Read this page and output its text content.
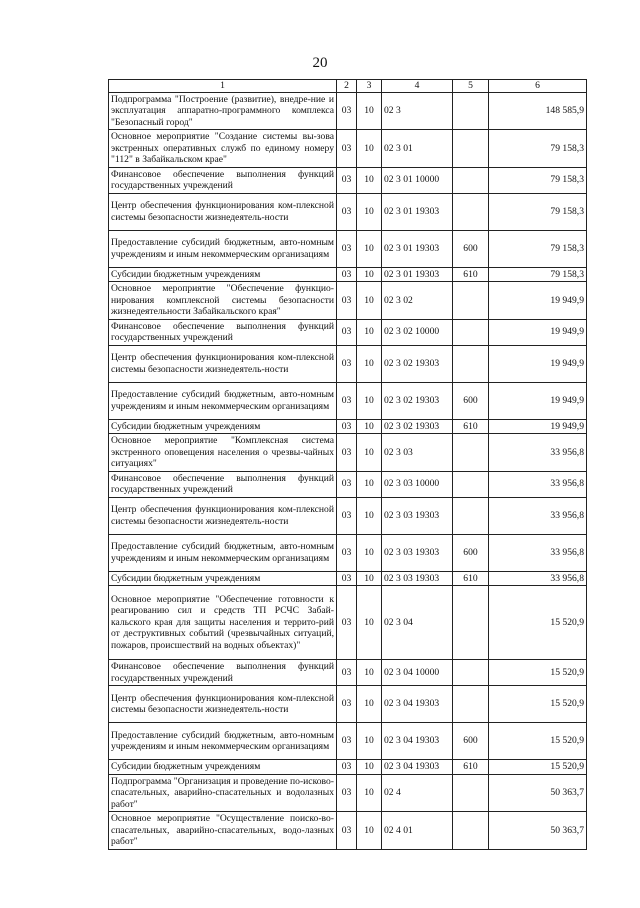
20
1	2	3	4	5	6
Подпрограмма "Построение (развитие), внедре-ние и эксплуатация аппаратно-программного комплекса "Безопасный город"	03	10	02 3		148 585,9
Основное мероприятие "Создание системы вы-зова экстренных оперативных служб по единому номеру "112" в Забайкальском крае"	03	10	02 3 01		79 158,3
Финансовое обеспечение выполнения функций государственных учреждений	03	10	02 3 01 10000		79 158,3
Центр обеспечения функционирования ком-плексной системы безопасности жизнедеятель-ности	03	10	02 3 01 19303		79 158,3
Предоставление субсидий бюджетным, авто-номным учреждениям и иным некоммерческим организациям	03	10	02 3 01 19303	600	79 158,3
Субсидии бюджетным учреждениям	03	10	02 3 01 19303	610	79 158,3
Основное мероприятие "Обеспечение функцио-нирования комплексной системы безопасности жизнедеятельности Забайкальского края"	03	10	02 3 02		19 949,9
Финансовое обеспечение выполнения функций государственных учреждений	03	10	02 3 02 10000		19 949,9
Центр обеспечения функционирования ком-плексной системы безопасности жизнедеятель-ности	03	10	02 3 02 19303		19 949,9
Предоставление субсидий бюджетным, авто-номным учреждениям и иным некоммерческим организациям	03	10	02 3 02 19303	600	19 949,9
Субсидии бюджетным учреждениям	03	10	02 3 02 19303	610	19 949,9
Основное мероприятие "Комплексная система экстренного оповещения населения о чрезвы-чайных ситуациях"	03	10	02 3 03		33 956,8
Финансовое обеспечение выполнения функций государственных учреждений	03	10	02 3 03 10000		33 956,8
Центр обеспечения функционирования ком-плексной системы безопасности жизнедеятель-ности	03	10	02 3 03 19303		33 956,8
Предоставление субсидий бюджетным, авто-номным учреждениям и иным некоммерческим организациям	03	10	02 3 03 19303	600	33 956,8
Субсидии бюджетным учреждениям	03	10	02 3 03 19303	610	33 956,8
Основное мероприятие "Обеспечение готовности к реагированию сил и средств ТП РСЧС Забай-кальского края для защиты населения и террито-рий от деструктивных событий (чрезвычайных ситуаций, пожаров, происшествий на водных объектах)"	03	10	02 3 04		15 520,9
Финансовое обеспечение выполнения функций государственных учреждений	03	10	02 3 04 10000		15 520,9
Центр обеспечения функционирования ком-плексной системы безопасности жизнедеятель-ности	03	10	02 3 04 19303		15 520,9
Предоставление субсидий бюджетным, авто-номным учреждениям и иным некоммерческим организациям	03	10	02 3 04 19303	600	15 520,9
Субсидии бюджетным учреждениям	03	10	02 3 04 19303	610	15 520,9
Подпрограмма "Организация и проведение по-исково-спасательных, аварийно-спасательных и водолазных работ"	03	10	02 4		50 363,7
Основное мероприятие "Осуществление поиско-во-спасательных, аварийно-спасательных, водо-лазных работ"	03	10	02 4 01		50 363,7
